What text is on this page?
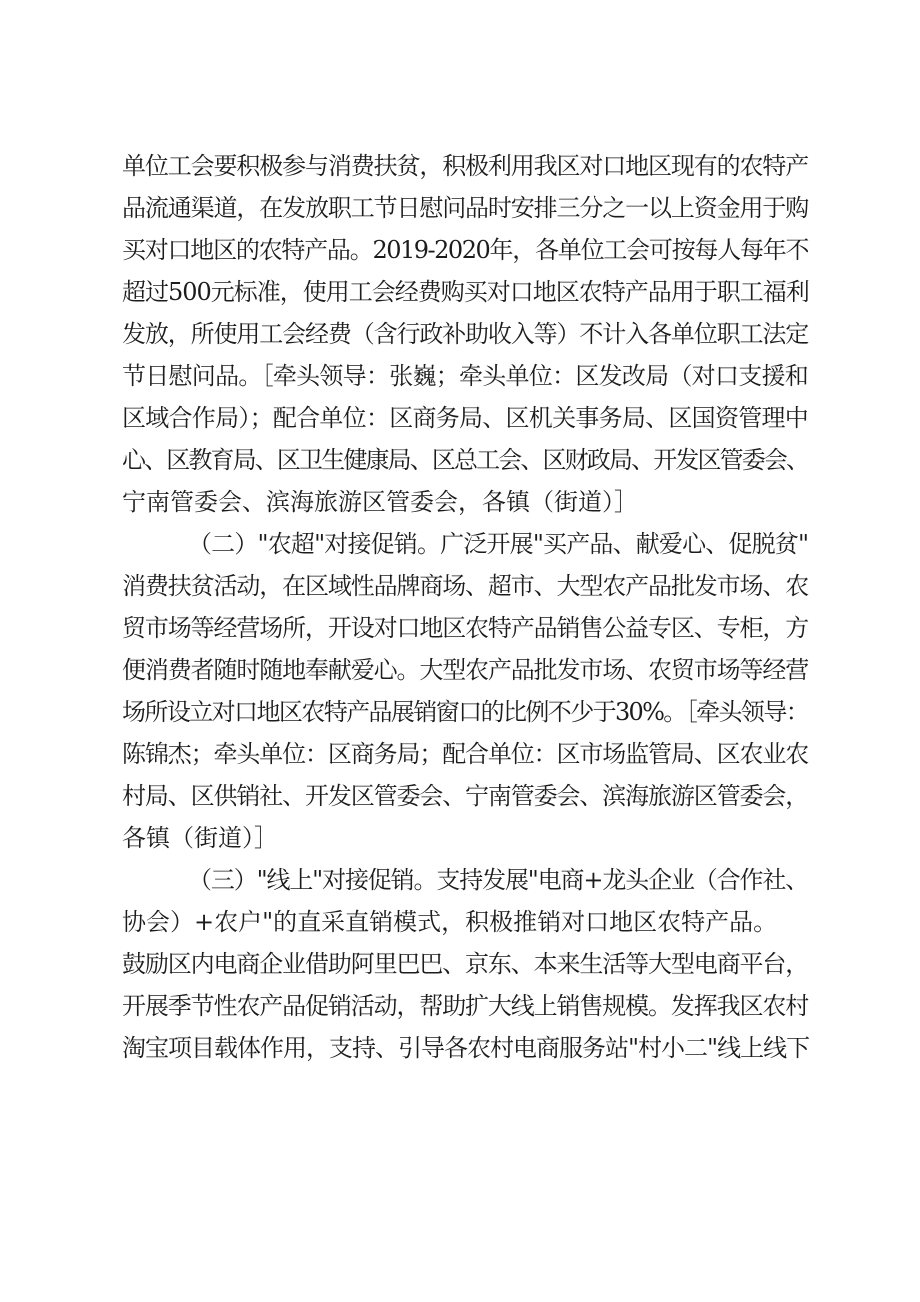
单位工会要积极参与消费扶贫，积极利用我区对口地区现有的农特产
品流通渠道，在发放职工节日慰问品时安排三分之一以上资金用于购
买对口地区的农特产品。2019-2020年，各单位工会可按每人每年不
超过500元标准，使用工会经费购买对口地区农特产品用于职工福利
发放，所使用工会经费（含行政补助收入等）不计入各单位职工法定
节日慰问品。［牵头领导：张巍；牵头单位：区发改局（对口支援和
区域合作局）；配合单位：区商务局、区机关事务局、区国资管理中
心、区教育局、区卫生健康局、区总工会、区财政局、开发区管委会、
宁南管委会、滨海旅游区管委会，各镇（街道）］
（二）"农超"对接促销。广泛开展"买产品、献爱心、促脱贫"
消费扶贫活动，在区域性品牌商场、超市、大型农产品批发市场、农
贸市场等经营场所，开设对口地区农特产品销售公益专区、专柜，方
便消费者随时随地奉献爱心。大型农产品批发市场、农贸市场等经营
场所设立对口地区农特产品展销窗口的比例不少于30%。［牵头领导：
陈锦杰；牵头单位：区商务局；配合单位：区市场监管局、区农业农
村局、区供销社、开发区管委会、宁南管委会、滨海旅游区管委会，
各镇（街道）］
（三）"线上"对接促销。支持发展"电商+龙头企业（合作社、
协会）+农户"的直采直销模式，积极推销对口地区农特产品。
鼓励区内电商企业借助阿里巴巴、京东、本来生活等大型电商平台，
开展季节性农产品促销活动，帮助扩大线上销售规模。发挥我区农村
淘宝项目载体作用，支持、引导各农村电商服务站"村小二"线上线下
